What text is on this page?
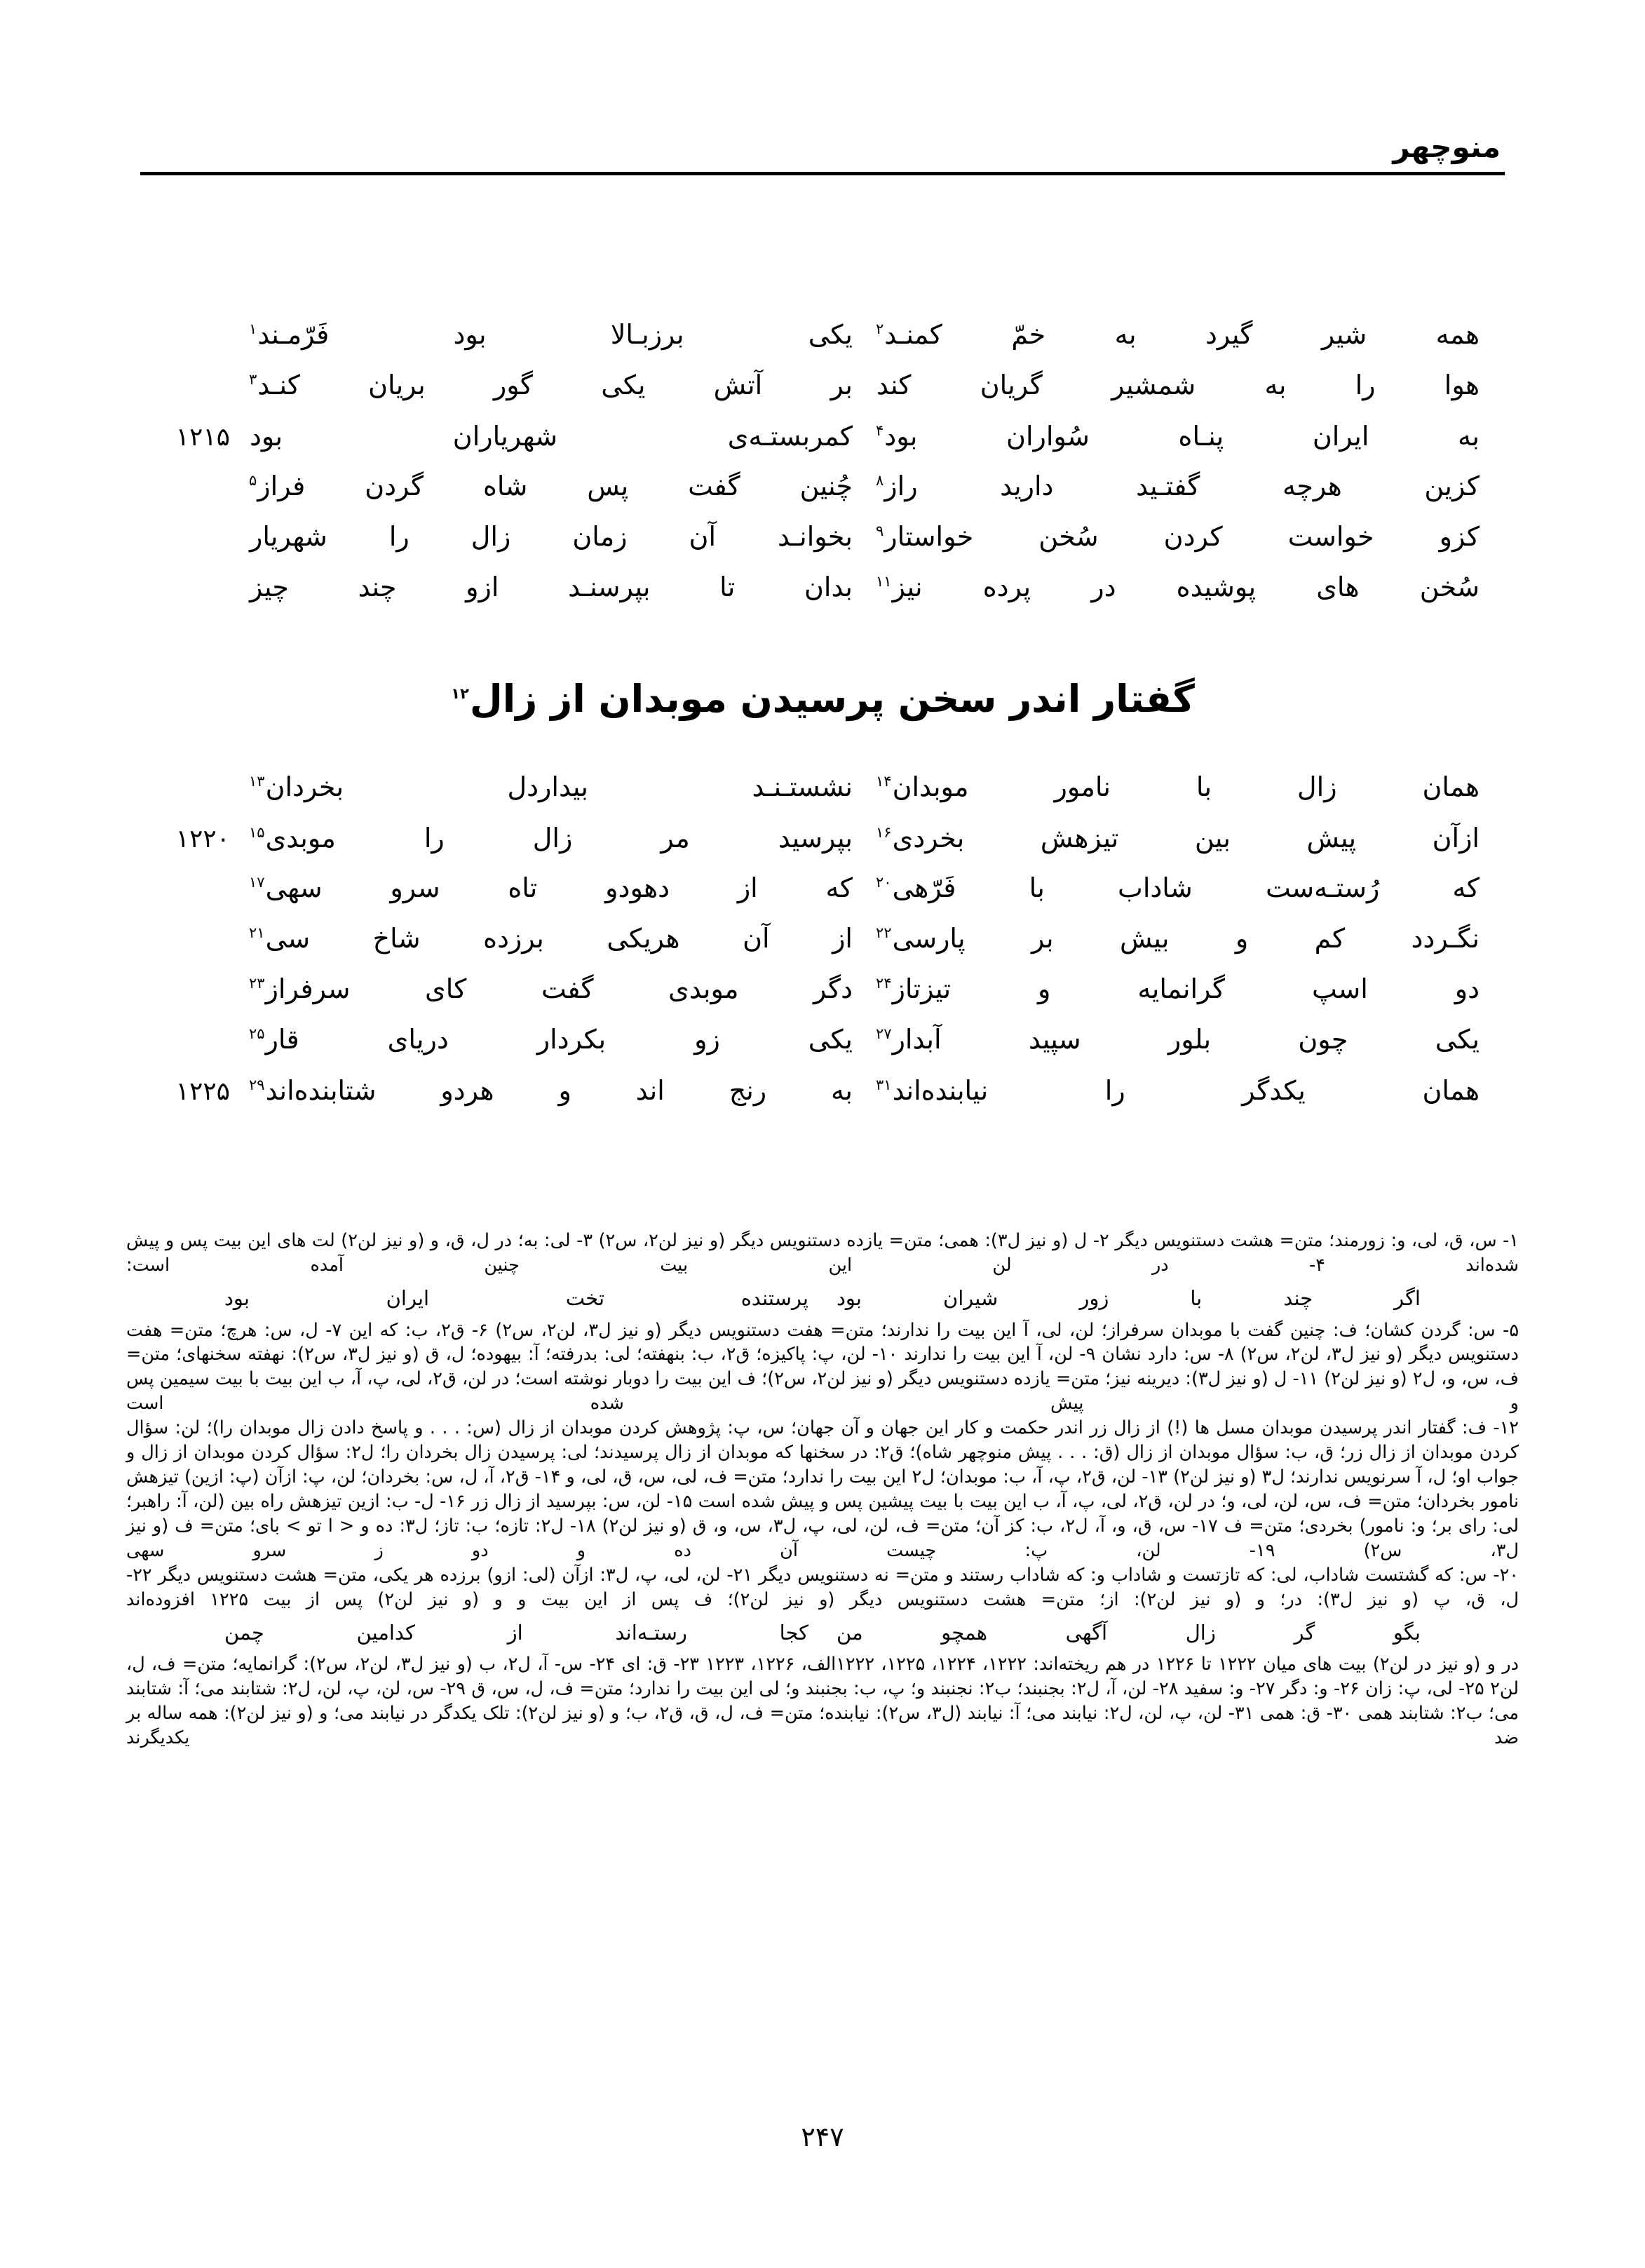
منوچهر
همه شیر گیرد به خمّ کمنـد$^۲$
یکی برزبـالا بود فَرّمـند$^۱$
هوا را به شمشیر گریان کند
بر آتش یکی گور بریان کنـد$^۳$
به ایران پنـاه سُواران بود$^۴$
کمربستـه‌ی شهریاران بود
۱۲۱۵
کزین هرچه گفتـید دارید راز$^۸$
چُنین گفت پس شاه گردن فراز$^۵$
کزو خواست کردن سُخن خواستار$^۹$
بخوانـد آن زمان زال را شهریار
سُخن های پوشیده در پرده نیز$^{۱۱}$
بدان تا بپرسنـد ازو چند چیز
گفتار اندر سخن پرسیدن موبدان از زال$^{۱۲}$
همان زال با نامور موبدان$^{۱۴}$
نشستـنـد بیداردل بخردان$^{۱۳}$
ازآن پیش بین تیزهش بخردی$^{۱۶}$
بپرسید مر زال را موبدی$^{۱۵}$
۱۲۲۰
که رُستـه‌ست شاداب با فَرّهی$^{۲۰}$
که از دهودو تاه سرو سهی$^{۱۷}$
نگـردد کم و بیش بر پارسی$^{۲۲}$
از آن هریکی برزده شاخ سی$^{۲۱}$
دو اسپ گرانمایه و تیزتاز$^{۲۴}$
دگر موبدی گفت کای سرفراز$^{۲۳}$
یکی چون بلور سپید آبدار$^{۲۷}$
یکی زو بکردار دریای قار$^{۲۵}$
همان یکدگر را نیابنده‌اند$^{۳۱}$
به رنج اند و هردو شتابنده‌اند$^{۲۹}$
۱۲۲۵

۱- س، ق، لی، و: زورمند؛ متن= هشت دستنویس دیگر ۲- ل (و نیز ل۳): همی؛ متن= یازده دستنویس دیگر (و نیز لن۲، س۲) ۳- لی: به؛ در ل، ق، و (و نیز لن۲) لت های این بیت پس و پیش شده‌اند ۴- در لن این بیت چنین آمده است:

اگر چند با زور شیران بود
پرستنده تخت ایران بود

۵- س: گردن کشان؛ ف: چنین گفت با موبدان سرفراز؛ لن، لی، آ این بیت را ندارند؛ متن= هفت دستنویس دیگر (و نیز ل۳، لن۲، س۲) ۶- ق۲، ب: که این ۷- ل، س: هرچ؛ متن= هفت دستنویس دیگر (و نیز ل۳، لن۲، س۲) ۸- س: دارد نشان ۹- لن، آ این بیت را ندارند ۱۰- لن، پ: پاکیزه؛ ق۲، ب: بنهفته؛ لی: بدرفته؛ آ: بیهوده؛ ل، ق (و نیز ل۳، س۲): نهفته سخنهای؛ متن= ف، س، و، ل۲ (و نیز لن۲) ۱۱- ل (و نیز ل۳): دیرینه نیز؛ متن= یازده دستنویس دیگر (و نیز لن۲، س۲)؛ ف این بیت را دوبار نوشته است؛ در لن، ق۲، لی، پ، آ، ب این بیت با بیت سیمین پس و پیش شده است

۱۲- ف: گفتار اندر پرسیدن موبدان مسل ها (!) از زال زر اندر حکمت و کار این جهان و آن جهان؛ س، پ: پژوهش کردن موبدان از زال (س: . . . و پاسخ دادن زال موبدان را)؛ لن: سؤال کردن موبدان از زال زر؛ ق، ب: سؤال موبدان از زال (ق: . . . پیش منوچهر شاه)؛ ق۲: در سخنها که موبدان از زال پرسیدند؛ لی: پرسیدن زال بخردان را؛ ل۲: سؤال کردن موبدان از زال و جواب او؛ ل، آ سرنویس ندارند؛ ل۳ (و نیز لن۲) ۱۳- لن، ق۲، پ، آ، ب: موبدان؛ ل۲ این بیت را ندارد؛ متن= ف، لی، س، ق، لی، و ۱۴- ق۲، آ، ل، س: بخردان؛ لن، پ: ازآن (پ: ازین) تیزهش نامور بخردان؛ متن= ف، س، لن، لی، و؛ در لن، ق۲، لی، پ، آ، ب این بیت با بیت پیشین پس و پیش شده است ۱۵- لن، س: بپرسید از زال زر ۱۶- ل- ب: ازین تیزهش راه بین (لن، آ: راهبر؛ لی: رای بر؛ و: نامور) بخردی؛ متن= ف ۱۷- س، ق، و، آ، ل۲، ب: کز آن؛ متن= ف، لن، لی، پ، ل۳، س، و، ق (و نیز لن۲) ۱۸- ل۲: تازه؛ ب: تاز؛ ل۳: ده و < ا تو > بای؛ متن= ف (و نیز ل۳، س۲) ۱۹- لن، پ: چیست آن ده و دو ز سرو سهی

۲۰- س: که گشتست شاداب، لی: که تازتست و شاداب و: که شاداب رستند و متن= نه دستنویس دیگر ۲۱- لن، لی، پ، ل۳: ازآن (لی: ازو) برزده هر یکی، متن= هشت دستنویس دیگر ۲۲- ل، ق، پ (و نیز ل۳): در؛ و (و نیز لن۲): از؛ متن= هشت دستنویس دیگر (و نیز لن۲)؛ ف پس از این بیت و و (و نیز لن۲) پس از بیت ۱۲۲۵ افزوده‌اند

بگو گر زال آگهی همچو من
کجا رستـه‌اند از کدامین چمن

در و (و نیز در لن۲) بیت های میان ۱۲۲۲ تا ۱۲۲۶ در هم ریخته‌اند: ۱۲۲۲، ۱۲۲۴، ۱۲۲۵، ۱۲۲۲الف، ۱۲۲۶، ۱۲۲۳ ۲۳- ق: ای ۲۴- س- آ، ل۲، ب (و نیز ل۳، لن۲، س۲): گرانمایه؛ متن= ف، ل، لن۲ ۲۵- لی، پ: زان ۲۶- و: دگر ۲۷- و: سفید ۲۸- لن، آ، ل۲: بجنبند؛ ب۲: نجنبند و؛ پ، ب: بجنبند و؛ لی این بیت را ندارد؛ متن= ف، ل، س، ق ۲۹- س، لن، پ، لن، ل۲: شتابند می؛ آ: شتابند می؛ ب۲: شتابند همی ۳۰- ق: همی ۳۱- لن، پ، لن، ل۲: نیابند می؛ آ: نیابند (ل۳، س۲): نیابنده؛ متن= ف، ل، ق، ق۲، ب؛ و (و نیز لن۲): تلک یکدگر در نیابند می؛ و (و نیز لن۲): همه ساله بر ضد یکدیگرند

۲۴۷
